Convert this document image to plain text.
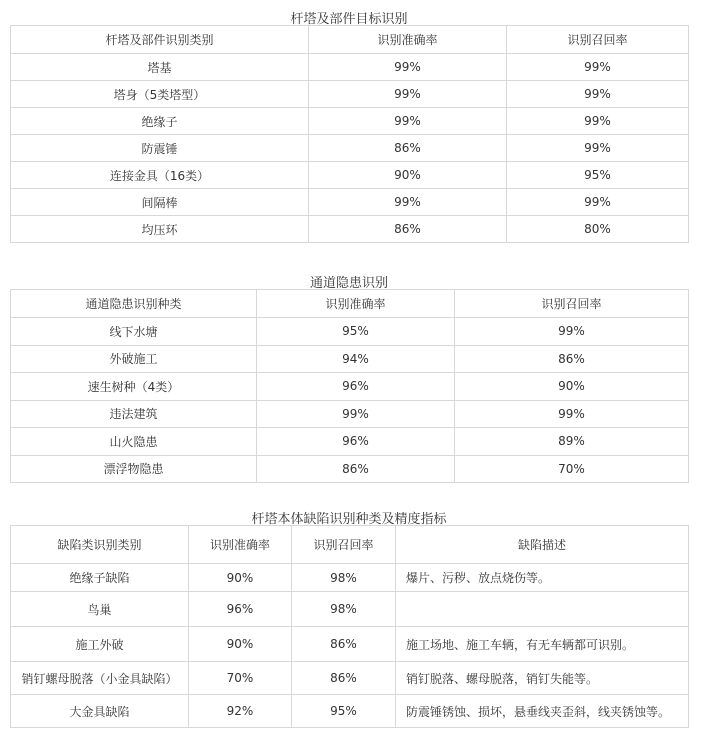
杆塔及部件目标识别
杆塔及部件识别类别	识别准确率	识别召回率
塔基	99%	99%
塔身（5类塔型）	99%	99%
绝缘子	99%	99%
防震锤	86%	99%
连接金具（16类）	90%	95%
间隔棒	99%	99%
均压环	86%	80%
通道隐患识别
通道隐患识别种类	识别准确率	识别召回率
线下水塘	95%	99%
外破施工	94%	86%
速生树种（4类）	96%	90%
违法建筑	99%	99%
山火隐患	96%	89%
漂浮物隐患	86%	70%
杆塔本体缺陷识别种类及精度指标
缺陷类识别类别	识别准确率	识别召回率	缺陷描述
绝缘子缺陷	90%	98%	爆片、污秽、放点烧伤等。
鸟巢	96%	98%	
施工外破	90%	86%	施工场地、施工车辆，有无车辆都可识别。
销钉螺母脱落（小金具缺陷）	70%	86%	销钉脱落、螺母脱落，销钉失能等。
大金具缺陷	92%	95%	防震锤锈蚀、损坏，悬垂线夹歪斜，线夹锈蚀等。
